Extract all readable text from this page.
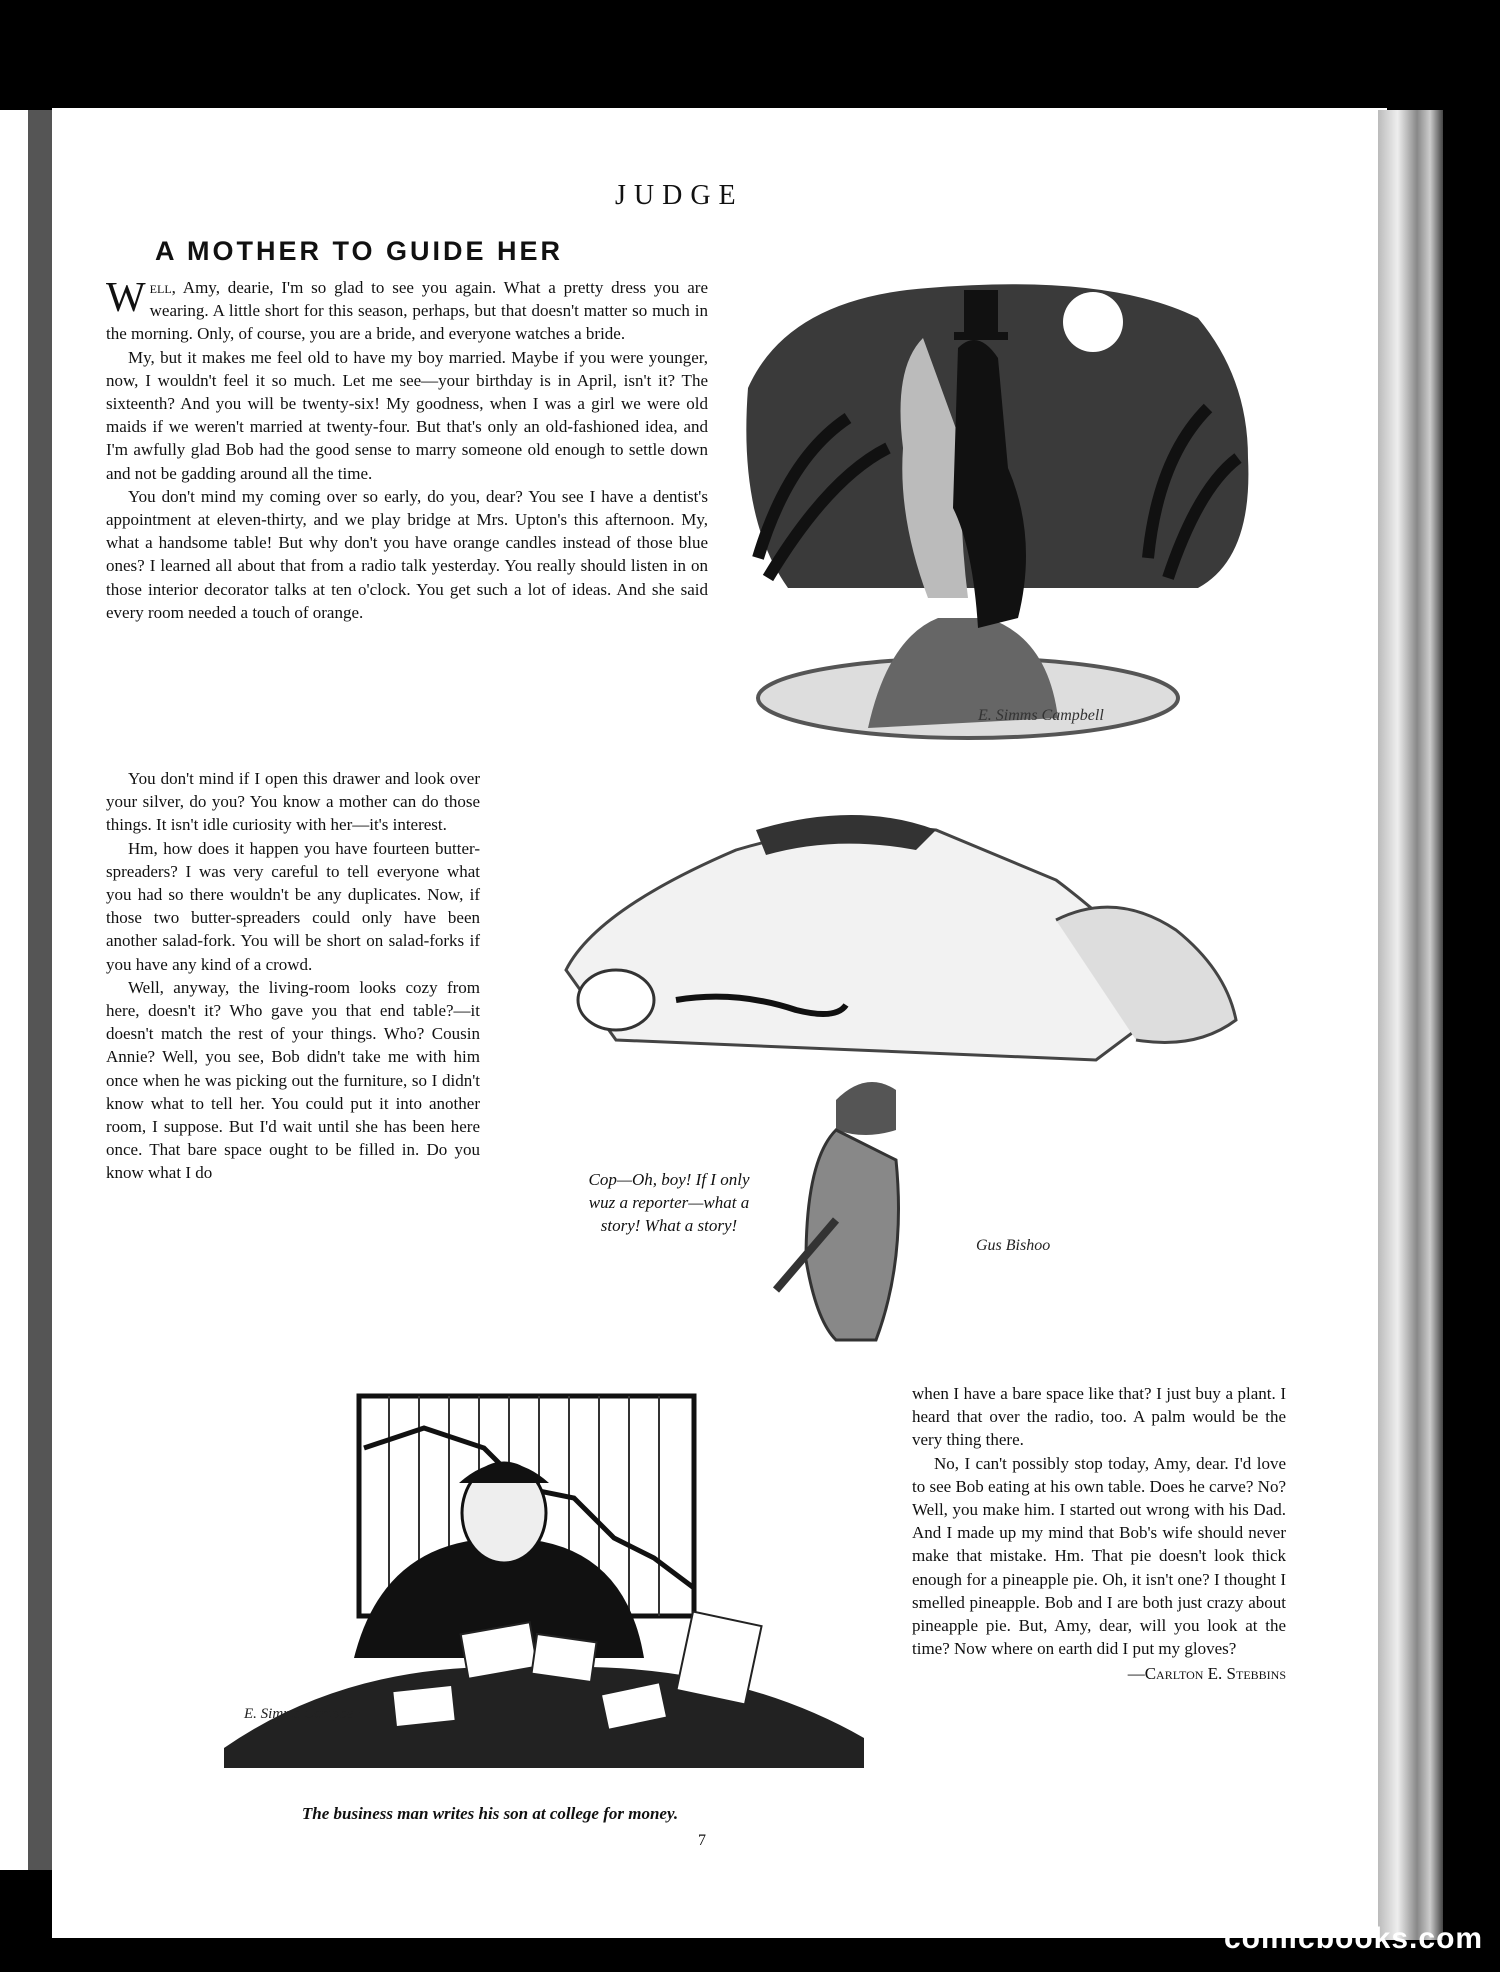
JUDGE
A MOTHER TO GUIDE HER

Well, Amy, dearie, I'm so glad to see you again. What a pretty dress you are wearing. A little short for this season, perhaps, but that doesn't matter so much in the morning. Only, of course, you are a bride, and everyone watches a bride.

My, but it makes me feel old to have my boy married. Maybe if you were younger, now, I wouldn't feel it so much. Let me see—your birthday is in April, isn't it? The sixteenth? And you will be twenty-six! My goodness, when I was a girl we were old maids if we weren't married at twenty-four. But that's only an old-fashioned idea, and I'm awfully glad Bob had the good sense to marry someone old enough to settle down and not be gadding around all the time.

You don't mind my coming over so early, do you, dear? You see I have a dentist's appointment at eleven-thirty, and we play bridge at Mrs. Upton's this afternoon. My, what a handsome table! But why don't you have orange candles instead of those blue ones? I learned all about that from a radio talk yesterday. You really should listen in on those interior decorator talks at ten o'clock. You get such a lot of ideas. And she said every room needed a touch of orange.

You don't mind if I open this drawer and look over your silver, do you? You know a mother can do those things. It isn't idle curiosity with her—it's interest.

Hm, how does it happen you have fourteen butter-spreaders? I was very careful to tell everyone what you had so there wouldn't be any duplicates. Now, if those two butter-spreaders could only have been another salad-fork. You will be short on salad-forks if you have any kind of a crowd.

Well, anyway, the living-room looks cozy from here, doesn't it? Who gave you that end table?—it doesn't match the rest of your things. Who? Cousin Annie? Well, you see, Bob didn't take me with him once when he was picking out the furniture, so I didn't know what to tell her. You could put it into another room, I suppose. But I'd wait until she has been here once. That bare space ought to be filled in. Do you know what I do

when I have a bare space like that? I just buy a plant. I heard that over the radio, too. A palm would be the very thing there.

No, I can't possibly stop today, Amy, dear. I'd love to see Bob eating at his own table. Does he carve? No? Well, you make him. I started out wrong with his Dad. And I made up my mind that Bob's wife should never make that mistake. Hm. That pie doesn't look thick enough for a pineapple pie. Oh, it isn't one? I thought I smelled pineapple. Bob and I are both just crazy about pineapple pie. But, Amy, dear, will you look at the time? Now where on earth did I put my gloves?

—Carlton E. Stebbins
E. Simms Campbell
Gus Bishoo
Cop—Oh, boy! If I only
wuz a reporter—what a
story! What a story!
E. Simms Campbell
The business man writes his son at college for money.
7
comicbooks.com
